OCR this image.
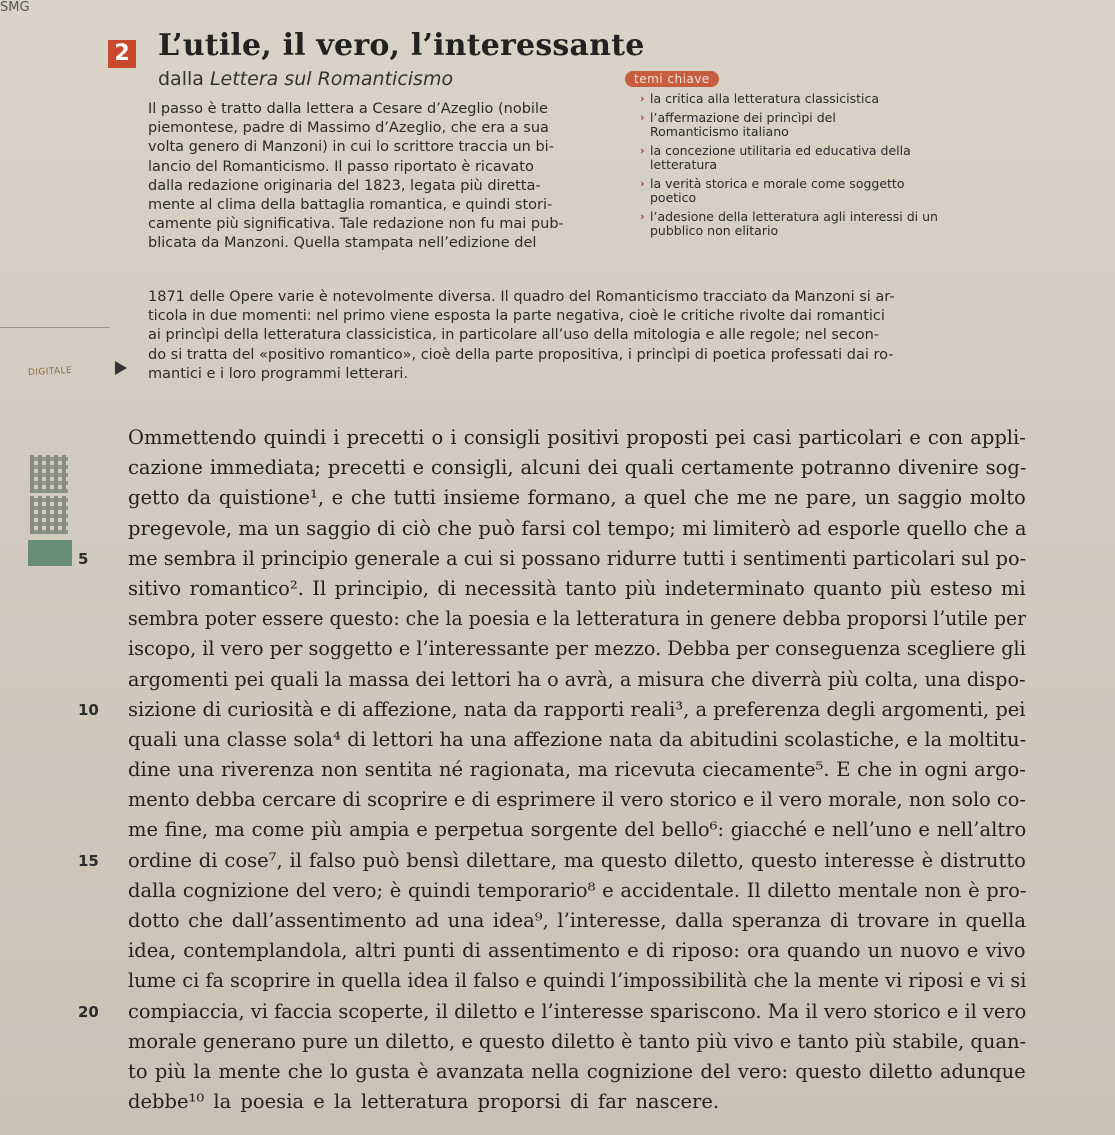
SMG
2 L’utile, il vero, l’interessante
dalla Lettera sul Romanticismo	temi chiave
› la critica alla letteratura classicistica
› l’affermazione dei princìpi del Romanticismo italiano
› la concezione utilitaria ed educativa della letteratura
› la verità storica e morale come soggetto poetico
› l’adesione della letteratura agli interessi di un pubblico non elitario
Il passo è tratto dalla lettera a Cesare d’Azeglio (nobile
piemontese, padre di Massimo d’Azeglio, che era a sua
volta genero di Manzoni) in cui lo scrittore traccia un bi-
lancio del Romanticismo. Il passo riportato è ricavato
dalla redazione originaria del 1823, legata più diretta-
mente al clima della battaglia romantica, e quindi stori-
camente più significativa. Tale redazione non fu mai pub-
blicata da Manzoni. Quella stampata nell’edizione del
1871 delle Opere varie è notevolmente diversa. Il quadro del Romanticismo tracciato da Manzoni si ar-
ticola in due momenti: nel primo viene esposta la parte negativa, cioè le critiche rivolte dai romantici
ai princìpi della letteratura classicistica, in particolare all’uso della mitologia e alle regole; nel secon-
do si tratta del «positivo romantico», cioè della parte propositiva, i princìpi di poetica professati dai ro-
mantici e i loro programmi letterari.
DIGITALE
Ommettendo quindi i precetti o i consigli positivi proposti pei casi particolari e con appli-
cazione immediata; precetti e consigli, alcuni dei quali certamente potranno divenire sog-
getto da quistione¹, e che tutti insieme formano, a quel che me ne pare, un saggio molto
pregevole, ma un saggio di ciò che può farsi col tempo; mi limiterò ad esporle quello che a
5 me sembra il principio generale a cui si possano ridurre tutti i sentimenti particolari sul po-
sitivo romantico². Il principio, di necessità tanto più indeterminato quanto più esteso mi
sembra poter essere questo: che la poesia e la letteratura in genere debba proporsi l’utile per
iscopo, il vero per soggetto e l’interessante per mezzo. Debba per conseguenza scegliere gli
argomenti pei quali la massa dei lettori ha o avrà, a misura che diverrà più colta, una dispo-
10 sizione di curiosità e di affezione, nata da rapporti reali³, a preferenza degli argomenti, pei
quali una classe sola⁴ di lettori ha una affezione nata da abitudini scolastiche, e la moltitu-
dine una riverenza non sentita né ragionata, ma ricevuta ciecamente⁵. E che in ogni argo-
mento debba cercare di scoprire e di esprimere il vero storico e il vero morale, non solo co-
me fine, ma come più ampia e perpetua sorgente del bello⁶: giacché e nell’uno e nell’altro
15 ordine di cose⁷, il falso può bensì dilettare, ma questo diletto, questo interesse è distrutto
dalla cognizione del vero; è quindi temporario⁸ e accidentale. Il diletto mentale non è pro-
dotto che dall’assentimento ad una idea⁹, l’interesse, dalla speranza di trovare in quella
idea, contemplandola, altri punti di assentimento e di riposo: ora quando un nuovo e vivo
lume ci fa scoprire in quella idea il falso e quindi l’impossibilità che la mente vi riposi e vi si
20 compiaccia, vi faccia scoperte, il diletto e l’interesse spariscono. Ma il vero storico e il vero
morale generano pure un diletto, e questo diletto è tanto più vivo e tanto più stabile, quan-
to più la mente che lo gusta è avanzata nella cognizione del vero: questo diletto adunque
debbe¹⁰ la poesia e la letteratura proporsi di far nascere.
